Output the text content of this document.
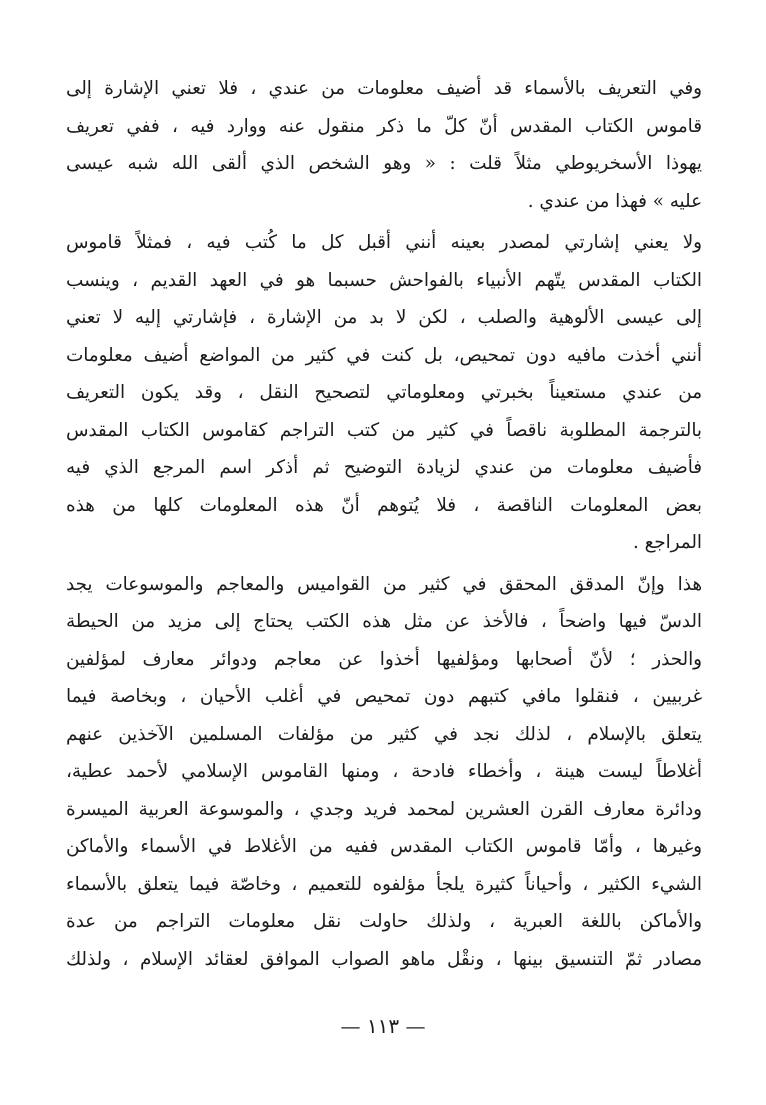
وفي التعريف بالأسماء قد أضيف معلومات من عندي ، فلا تعني الإشارة إلى
قاموس الكتاب المقدس أنّ كلّ ما ذكر منقول عنه ووارد فيه ، ففي تعريف
يهوذا الأسخريوطي مثلاً قلت : « وهو الشخص الذي ألقى الله شبه عيسى
عليه » فهذا من عندي .
ولا يعني إشارتي لمصدر بعينه أنني أقبل كل ما كُتب فيه ، فمثلاً قاموس
الكتاب المقدس يتّهم الأنبياء بالفواحش حسبما هو في العهد القديم ، وينسب
إلى عيسى الألوهية والصلب ، لكن لا بد من الإشارة ، فإشارتي إليه لا تعني
أنني أخذت مافيه دون تمحيص، بل كنت في كثير من المواضع أضيف معلومات
من عندي مستعيناً بخبرتي ومعلوماتي لتصحيح النقل ، وقد يكون التعريف
بالترجمة المطلوبة ناقصاً في كثير من كتب التراجم كقاموس الكتاب المقدس
فأضيف معلومات من عندي لزيادة التوضيح ثم أذكر اسم المرجع الذي فيه
بعض المعلومات الناقصة ، فلا يُتوهم أنّ هذه المعلومات كلها من هذه
المراجع .
هذا وإنّ المدقق المحقق في كثير من القواميس والمعاجم والموسوعات يجد
الدسّ فيها واضحاً ، فالأخذ عن مثل هذه الكتب يحتاج إلى مزيد من الحيطة
والحذر ؛ لأنّ أصحابها ومؤلفيها أخذوا عن معاجم ودوائر معارف لمؤلفين
غربيين ، فنقلوا مافي كتبهم دون تمحيص في أغلب الأحيان ، وبخاصة فيما
يتعلق بالإسلام ، لذلك نجد في كثير من مؤلفات المسلمين الآخذين عنهم
أغلاطاً ليست هينة ، وأخطاء فادحة ، ومنها القاموس الإسلامي لأحمد عطية،
ودائرة معارف القرن العشرين لمحمد فريد وجدي ، والموسوعة العربية الميسرة
وغيرها ، وأمّا قاموس الكتاب المقدس ففيه من الأغلاط في الأسماء والأماكن
الشيء الكثير ، وأحياناً كثيرة يلجأ مؤلفوه للتعميم ، وخاصّة فيما يتعلق بالأسماء
والأماكن باللغة العبرية ، ولذلك حاولت نقل معلومات التراجم من عدة
مصادر ثمّ التنسيق بينها ، ونقْل ماهو الصواب الموافق لعقائد الإسلام ، ولذلك
— ١١٣ —
